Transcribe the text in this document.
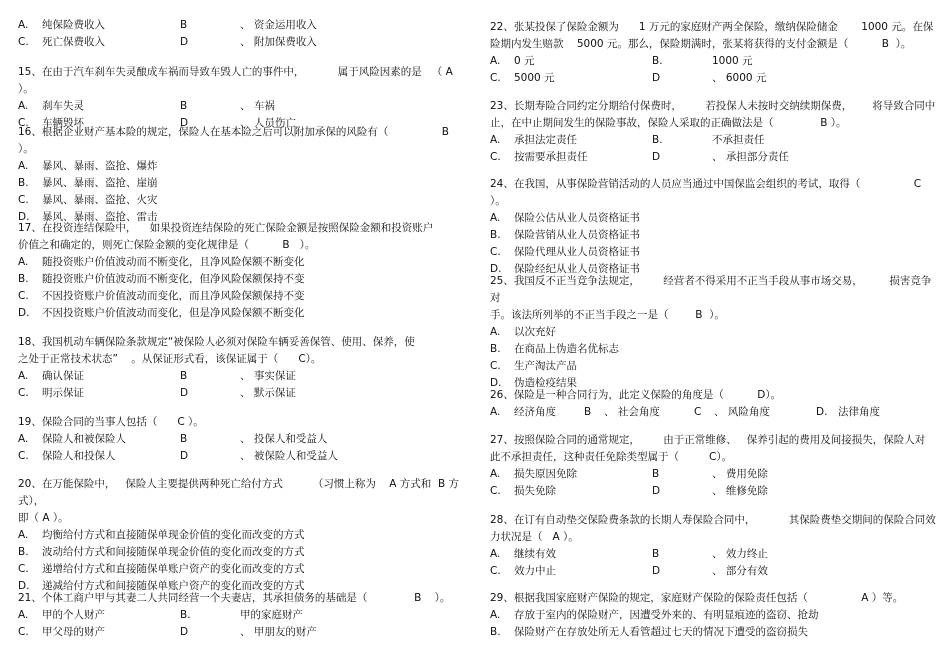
A. 纯保险费收入	B	、 资金运用收入
C. 死亡保费收入	D	、 附加保费收入
15、在由于汽车刹车失灵酿成车祸而导致车毁人亡的事件中，          属于风险因素的是   （ A ）。
A. 刹车失灵	B	、 车祸
C. 车辆毁坏	D	、 人员伤亡
16、根据企业财产基本险的规定，保险人在基本险之后可以附加承保的风险有（                B ）。
A. 暴风、暴雨、盗抢、爆炸
B. 暴风、暴雨、盗抢、崖崩
C. 暴风、暴雨、盗抢、火灾
D. 暴风、暴雨、盗抢、雷击
17、在投资连结保险中，    如果投资连结保险的死亡保险金额是按照保险金额和投资账户
价值之和确定的，则死亡保险金额的变化规律是（          B   ）。
A. 随投资账户价值波动而不断变化，且净风险保额不断变化
B. 随投资账户价值波动而不断变化，但净风险保额保持不变
C. 不因投资账户价值波动而变化，而且净风险保额保持不变
D. 不因投资账户价值波动而变化，但是净风险保额不断变化
18、我国机动车辆保险条款规定“被保险人必须对保险车辆妥善保管、使用、保养，使
之处于正常技术状态”    。从保证形式看，该保证属于（      C）。
A. 确认保证	B	、 事实保证
C. 明示保证	D	、 默示保证
19、保险合同的当事人包括（      C ）。
A. 保险人和被保险人	B	、 投保人和受益人
C. 保险人和投保人	D	、 被保险人和受益人
20、在万能保险中，   保险人主要提供两种死亡给付方式         （习惯上称为    A 方式和  B 方式），
即（ A ）。
A. 均衡给付方式和直接随保单现金价值的变化而改变的方式
B. 波动给付方式和间接随保单现金价值的变化而改变的方式
C. 递增给付方式和直接随保单账户资产的变化而改变的方式
D. 递减给付方式和间接随保单账户资产的变化而改变的方式
21、个体工商户甲与其妻二人共同经营一个夫妻店，其承担债务的基础是（              B    ）。
A. 甲的个人财产	B.	甲的家庭财产
C. 甲父母的财产	D	、 甲朋友的财产
22、张某投保了保险金额为      1 万元的家庭财产两全保险，缴纳保险储金       1000 元。在保
险期内发生赔款    5000 元。那么，保险期满时，张某将获得的支付金额是（          B  ）。
A. 0 元	B.	1000 元
C. 5000 元	D	、 6000 元
23、长期寿险合同约定分期给付保费时，       若投保人未按时交纳续期保费，      将导致合同中
止，在中止期间发生的保险事故，保险人采取的正确做法是（              B ）。
A. 承担法定责任	B.	不承担责任
C. 按需要承担责任	D	、 承担部分责任
24、在我国，从事保险营销活动的人员应当通过中国保监会组织的考试，取得（                C ）。
A. 保险公估从业人员资格证书
B. 保险营销从业人员资格证书
C. 保险代理从业人员资格证书
D. 保险经纪从业人员资格证书
25、我国反不正当竞争法规定，       经营者不得采用不正当手段从事市场交易，        损害竞争对
手。该法所列举的不正当手段之一是（        B  ）。
A. 以次充好
B. 在商品上伪造名优标志
C. 生产淘汰产品
D. 伪造检疫结果
26、保险是一种合同行为，此定义保险的角度是（          D）。
A. 经济角度	B 、 社会角度	C 、 风险角度	D. 法律角度
27、按照保险合同的通常规定，       由于正常维修、   保养引起的费用及间接损失，保险人对
此不承担责任，这种责任免除类型属于（         C）。
A. 损失原因免除	B	、 费用免除
C. 损失免除	D	、 维修免除
28、在订有自动垫交保险费条款的长期人寿保险合同中，          其保险费垫交期间的保险合同效
力状况是（   A ）。
A. 继续有效	B	、 效力终止
C. 效力中止	D	、 部分有效
29、根据我国家庭财产保险的规定，家庭财产保险的保险责任包括（                A ）等。
A. 存放于室内的保险财产，因遭受外来的、有明显痕迹的盗窃、抢劫
B. 保险财产在存放处所无人看管超过七天的情况下遭受的盗窃损失
